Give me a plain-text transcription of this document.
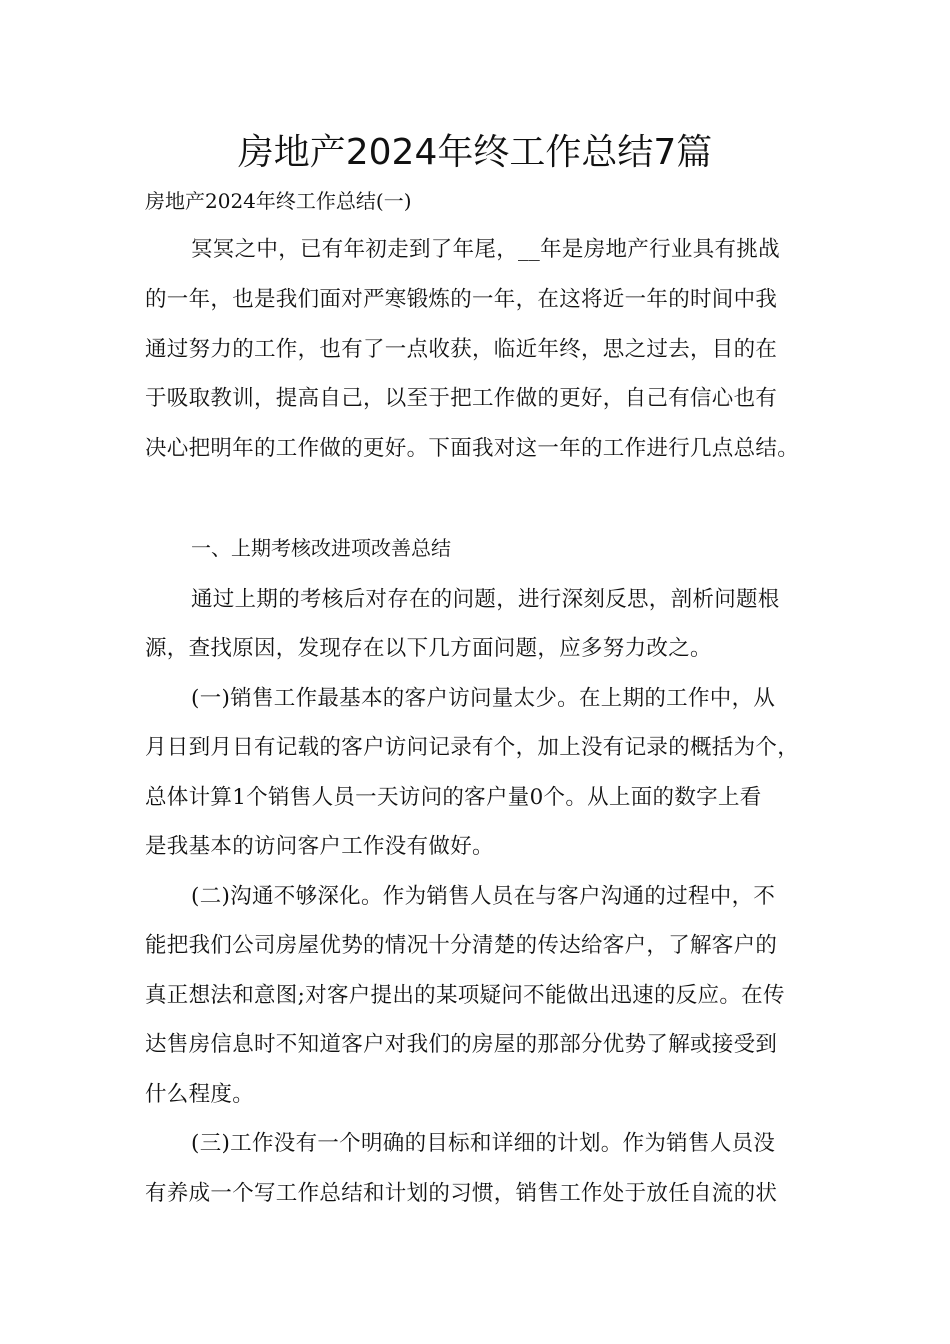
房地产2024年终工作总结7篇
房地产2024年终工作总结(一)
冥冥之中，已有年初走到了年尾，__年是房地产行业具有挑战
的一年，也是我们面对严寒锻炼的一年，在这将近一年的时间中我
通过努力的工作，也有了一点收获，临近年终，思之过去，目的在
于吸取教训，提高自己，以至于把工作做的更好，自己有信心也有
决心把明年的工作做的更好。下面我对这一年的工作进行几点总结。
一、上期考核改进项改善总结
通过上期的考核后对存在的问题，进行深刻反思，剖析问题根
源，查找原因，发现存在以下几方面问题，应多努力改之。
(一)销售工作最基本的客户访问量太少。在上期的工作中，从
月日到月日有记载的客户访问记录有个，加上没有记录的概括为个，
总体计算1个销售人员一天访问的客户量0个。从上面的数字上看
是我基本的访问客户工作没有做好。
(二)沟通不够深化。作为销售人员在与客户沟通的过程中，不
能把我们公司房屋优势的情况十分清楚的传达给客户，了解客户的
真正想法和意图;对客户提出的某项疑问不能做出迅速的反应。在传
达售房信息时不知道客户对我们的房屋的那部分优势了解或接受到
什么程度。
(三)工作没有一个明确的目标和详细的计划。作为销售人员没
有养成一个写工作总结和计划的习惯，销售工作处于放任自流的状
